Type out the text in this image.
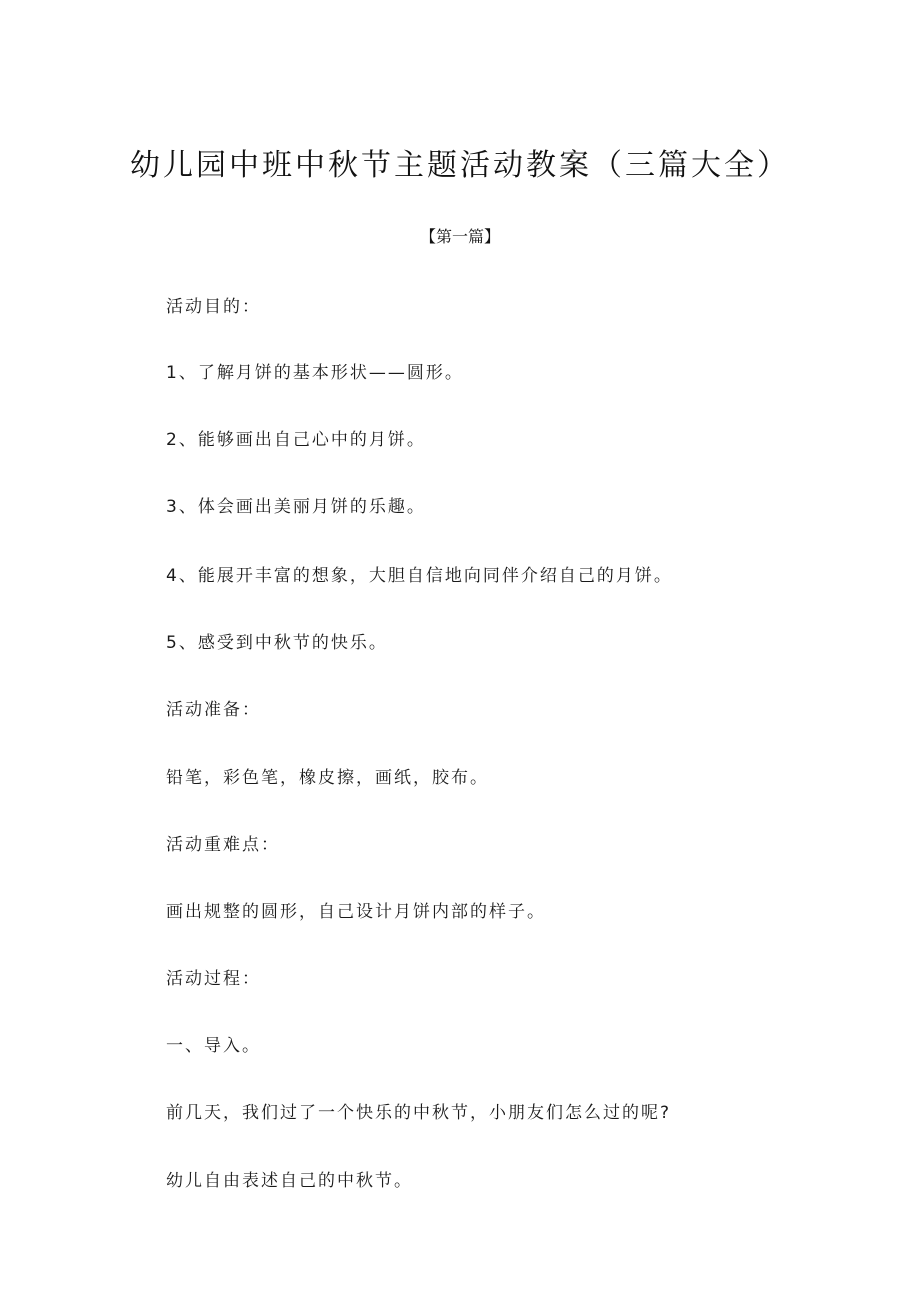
幼儿园中班中秋节主题活动教案（三篇大全）
【第一篇】

活动目的：

1、了解月饼的基本形状——圆形。

2、能够画出自己心中的月饼。

3、体会画出美丽月饼的乐趣。

4、能展开丰富的想象，大胆自信地向同伴介绍自己的月饼。

5、感受到中秋节的快乐。

活动准备：

铅笔，彩色笔，橡皮擦，画纸，胶布。

活动重难点：

画出规整的圆形，自己设计月饼内部的样子。

活动过程：

一、导入。

前几天，我们过了一个快乐的中秋节，小朋友们怎么过的呢?

幼儿自由表述自己的中秋节。
